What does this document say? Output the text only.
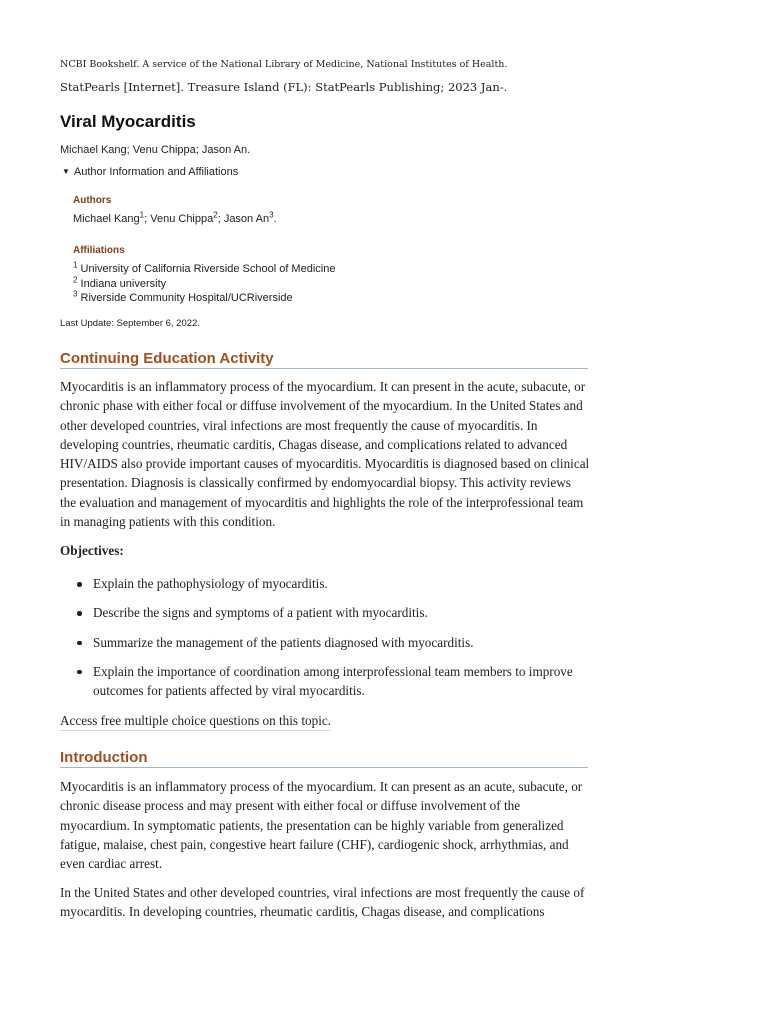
NCBI Bookshelf. A service of the National Library of Medicine, National Institutes of Health.
StatPearls [Internet]. Treasure Island (FL): StatPearls Publishing; 2023 Jan-.
Viral Myocarditis
Michael Kang; Venu Chippa; Jason An.
▼ Author Information and Affiliations
Authors
Michael Kang$^1$; Venu Chippa$^2$; Jason An$^3$.
Affiliations
$^1$ University of California Riverside School of Medicine
$^2$ Indiana university
$^3$ Riverside Community Hospital/UCRiverside
Last Update: September 6, 2022.
Continuing Education Activity

Myocarditis is an inflammatory process of the myocardium. It can present in the acute, subacute, or chronic phase with either focal or diffuse involvement of the myocardium. In the United States and other developed countries, viral infections are most frequently the cause of myocarditis. In developing countries, rheumatic carditis, Chagas disease, and complications related to advanced HIV/AIDS also provide important causes of myocarditis. Myocarditis is diagnosed based on clinical presentation. Diagnosis is classically confirmed by endomyocardial biopsy. This activity reviews the evaluation and management of myocarditis and highlights the role of the interprofessional team in managing patients with this condition.

Objectives:
Explain the pathophysiology of myocarditis.
Describe the signs and symptoms of a patient with myocarditis.
Summarize the management of the patients diagnosed with myocarditis.
Explain the importance of coordination among interprofessional team members to improve outcomes for patients affected by viral myocarditis.
Access free multiple choice questions on this topic.
Introduction

Myocarditis is an inflammatory process of the myocardium. It can present as an acute, subacute, or chronic disease process and may present with either focal or diffuse involvement of the myocardium. In symptomatic patients, the presentation can be highly variable from generalized fatigue, malaise, chest pain, congestive heart failure (CHF), cardiogenic shock, arrhythmias, and even cardiac arrest.

In the United States and other developed countries, viral infections are most frequently the cause of myocarditis. In developing countries, rheumatic carditis, Chagas disease, and complications
